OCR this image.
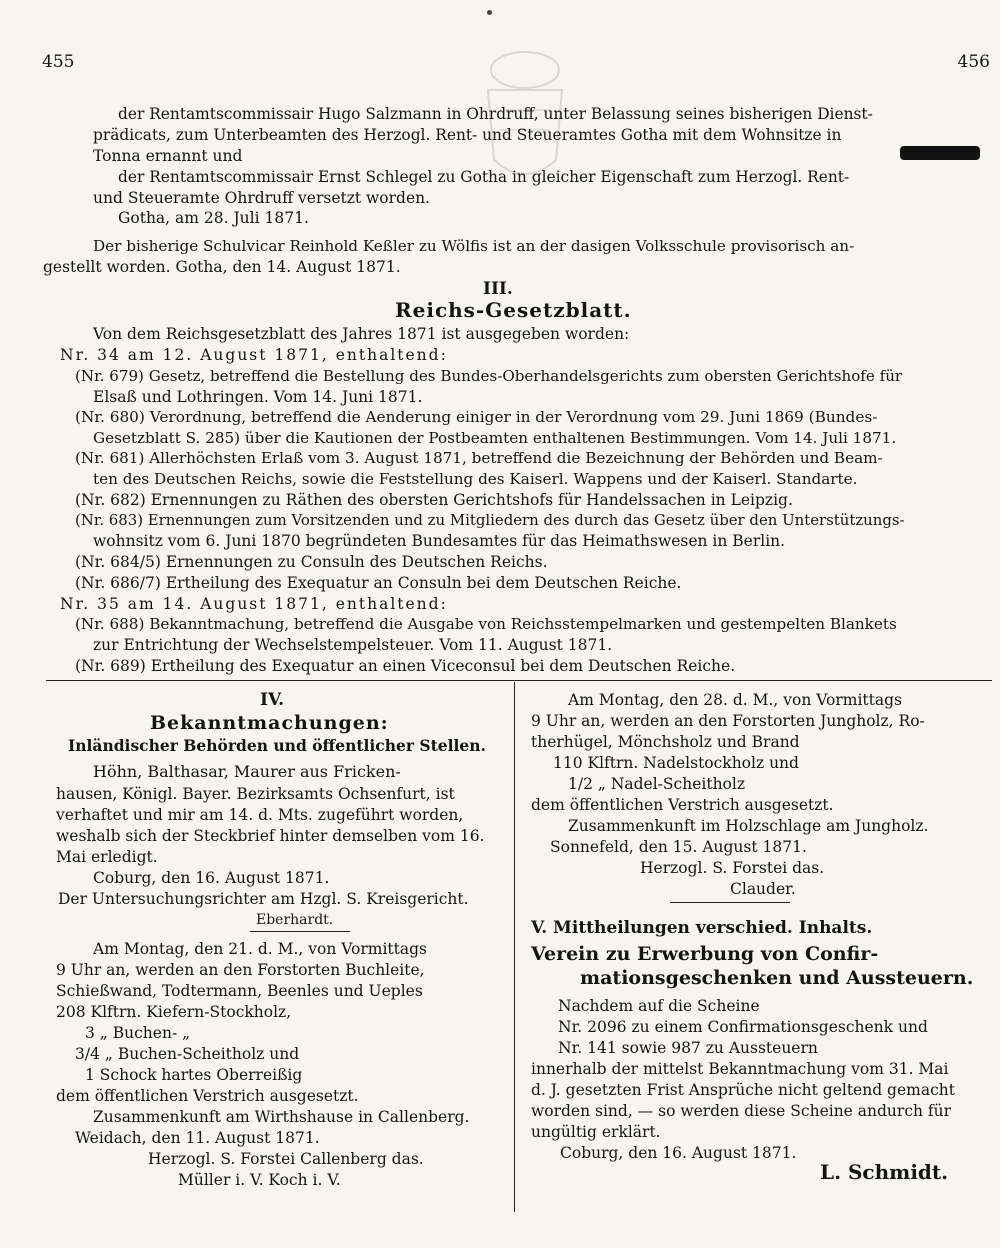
455	456
der Rentamtscommissair Hugo Salzmann in Ohrdruff, unter Belassung seines bisherigen Dienst-
prädicats, zum Unterbeamten des Herzogl. Rent- und Steueramtes Gotha mit dem Wohnsitze in
Tonna ernannt und
der Rentamtscommissair Ernst Schlegel zu Gotha in gleicher Eigenschaft zum Herzogl. Rent-
und Steueramte Ohrdruff versetzt worden.
Gotha, am 28. Juli 1871.
Der bisherige Schulvicar Reinhold Keßler zu Wölfis ist an der dasigen Volksschule provisorisch an-
gestellt worden. Gotha, den 14. August 1871.
III.
Reichs-Gesetzblatt.
Von dem Reichsgesetzblatt des Jahres 1871 ist ausgegeben worden:
Nr. 34 am 12. August 1871, enthaltend:
(Nr. 679) Gesetz, betreffend die Bestellung des Bundes-Oberhandelsgerichts zum obersten Gerichtshofe für
Elsaß und Lothringen. Vom 14. Juni 1871.
(Nr. 680) Verordnung, betreffend die Aenderung einiger in der Verordnung vom 29. Juni 1869 (Bundes-
Gesetzblatt S. 285) über die Kautionen der Postbeamten enthaltenen Bestimmungen. Vom 14. Juli 1871.
(Nr. 681) Allerhöchsten Erlaß vom 3. August 1871, betreffend die Bezeichnung der Behörden und Beam-
ten des Deutschen Reichs, sowie die Feststellung des Kaiserl. Wappens und der Kaiserl. Standarte.
(Nr. 682) Ernennungen zu Räthen des obersten Gerichtshofs für Handelssachen in Leipzig.
(Nr. 683) Ernennungen zum Vorsitzenden und zu Mitgliedern des durch das Gesetz über den Unterstützungs-
wohnsitz vom 6. Juni 1870 begründeten Bundesamtes für das Heimathswesen in Berlin.
(Nr. 684/5) Ernennungen zu Consuln des Deutschen Reichs.
(Nr. 686/7) Ertheilung des Exequatur an Consuln bei dem Deutschen Reiche.
Nr. 35 am 14. August 1871, enthaltend:
(Nr. 688) Bekanntmachung, betreffend die Ausgabe von Reichsstempelmarken und gestempelten Blankets
zur Entrichtung der Wechselstempelsteuer. Vom 11. August 1871.
(Nr. 689) Ertheilung des Exequatur an einen Viceconsul bei dem Deutschen Reiche.
IV.
Bekanntmachungen:
Inländischer Behörden und öffentlicher Stellen.
Höhn, Balthasar, Maurer aus Fricken-
hausen, Königl. Bayer. Bezirksamts Ochsenfurt, ist
verhaftet und mir am 14. d. Mts. zugeführt worden,
weshalb sich der Steckbrief hinter demselben vom 16.
Mai erledigt.
Coburg, den 16. August 1871.
Der Untersuchungsrichter am Hzgl. S. Kreisgericht.
Eberhardt.
Am Montag, den 21. d. M., von Vormittags
9 Uhr an, werden an den Forstorten Buchleite,
Schießwand, Todtermann, Beenles und Ueples
208 Klftrn. Kiefern-Stockholz,
3 „ Buchen- „
3/4 „ Buchen-Scheitholz und
1 Schock hartes Oberreißig
dem öffentlichen Verstrich ausgesetzt.
Zusammenkunft am Wirthshause in Callenberg.
Weidach, den 11. August 1871.
Herzogl. S. Forstei Callenberg das.
Müller i. V. Koch i. V.
Am Montag, den 28. d. M., von Vormittags
9 Uhr an, werden an den Forstorten Jungholz, Ro-
therhügel, Mönchsholz und Brand
110 Klftrn. Nadelstockholz und
1/2 „ Nadel-Scheitholz
dem öffentlichen Verstrich ausgesetzt.
Zusammenkunft im Holzschlage am Jungholz.
Sonnefeld, den 15. August 1871.
Herzogl. S. Forstei das.
Clauder.
V. Mittheilungen verschied. Inhalts.
Verein zu Erwerbung von Confir-
mationsgeschenken und Aussteuern.
Nachdem auf die Scheine
Nr. 2096 zu einem Confirmationsgeschenk und
Nr. 141 sowie 987 zu Aussteuern
innerhalb der mittelst Bekanntmachung vom 31. Mai
d. J. gesetzten Frist Ansprüche nicht geltend gemacht
worden sind, — so werden diese Scheine andurch für
ungültig erklärt.
Coburg, den 16. August 1871.
L. Schmidt.
